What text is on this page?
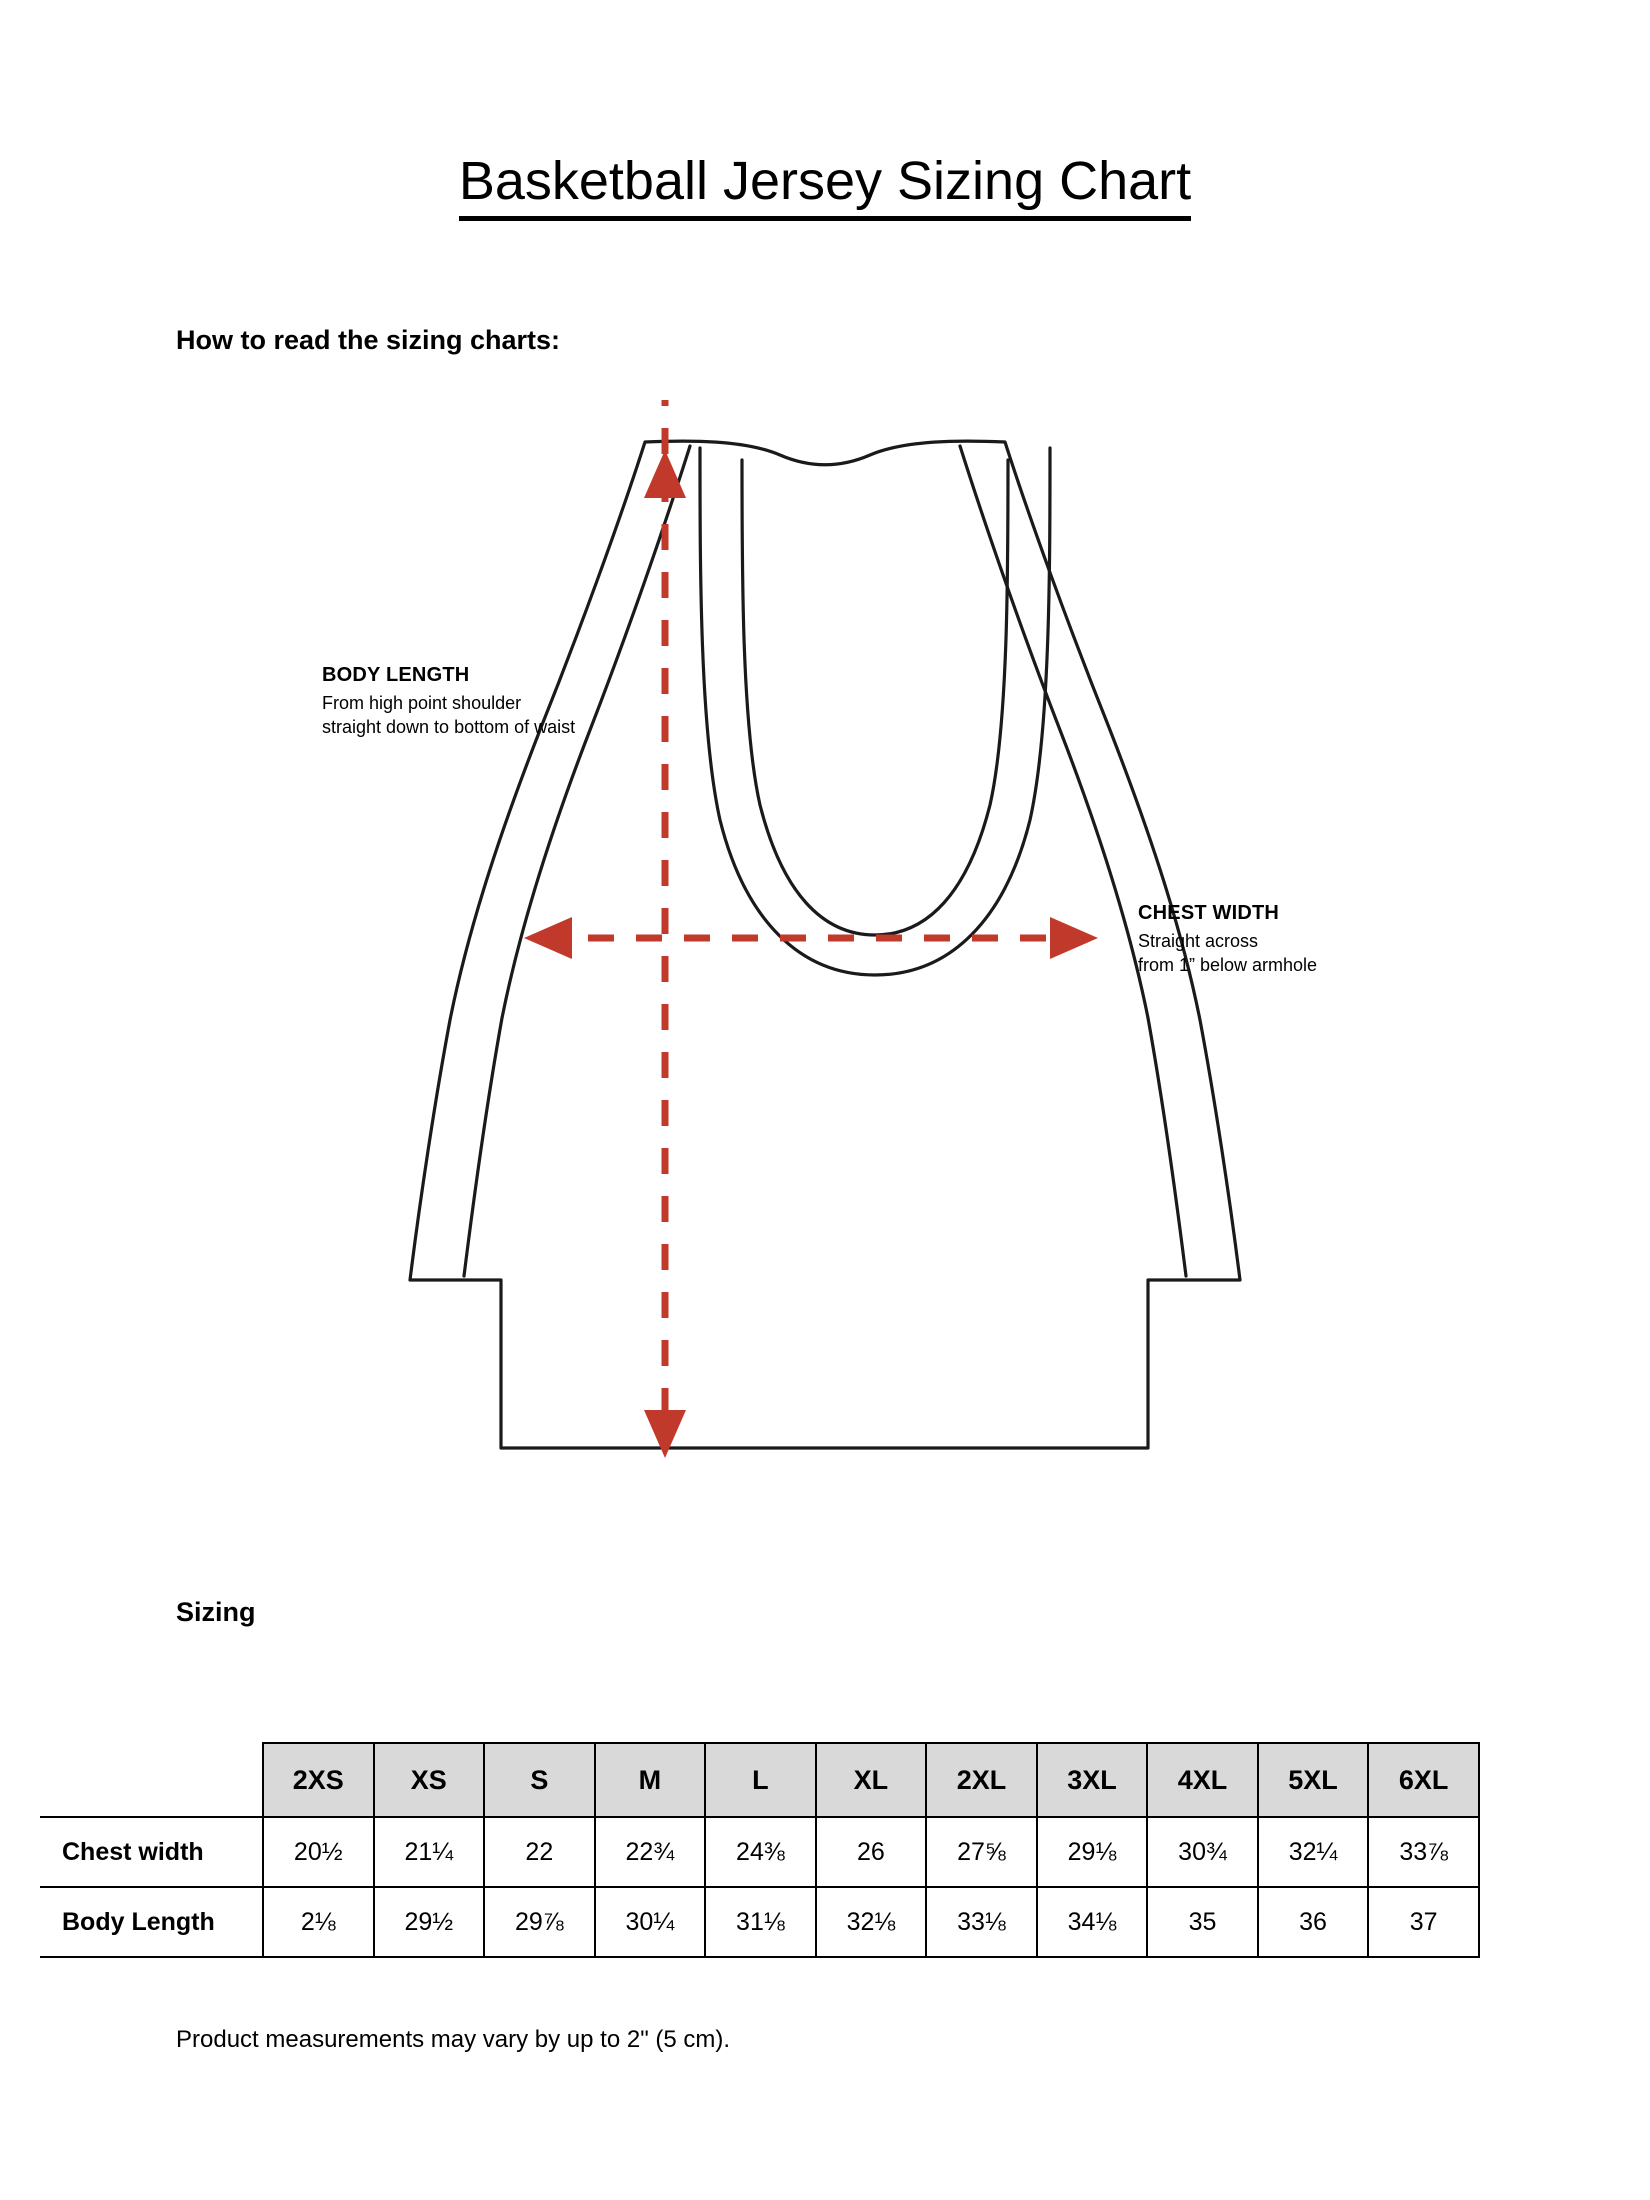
Basketball Jersey Sizing Chart
How to read the sizing charts:
BODY LENGTH
From high point shoulder
straight down to bottom of waist
CHEST WIDTH
Straight across
from 1” below armhole
Sizing
	2XS	XS	S	M	L	XL	2XL	3XL	4XL	5XL	6XL
Chest width	20½	21¼	22	22¾	24⅜	26	27⅝	29⅛	30¾	32¼	33⅞
Body Length	2⅛	29½	29⅞	30¼	31⅛	32⅛	33⅛	34⅛	35	36	37
Product measurements may vary by up to 2" (5 cm).
